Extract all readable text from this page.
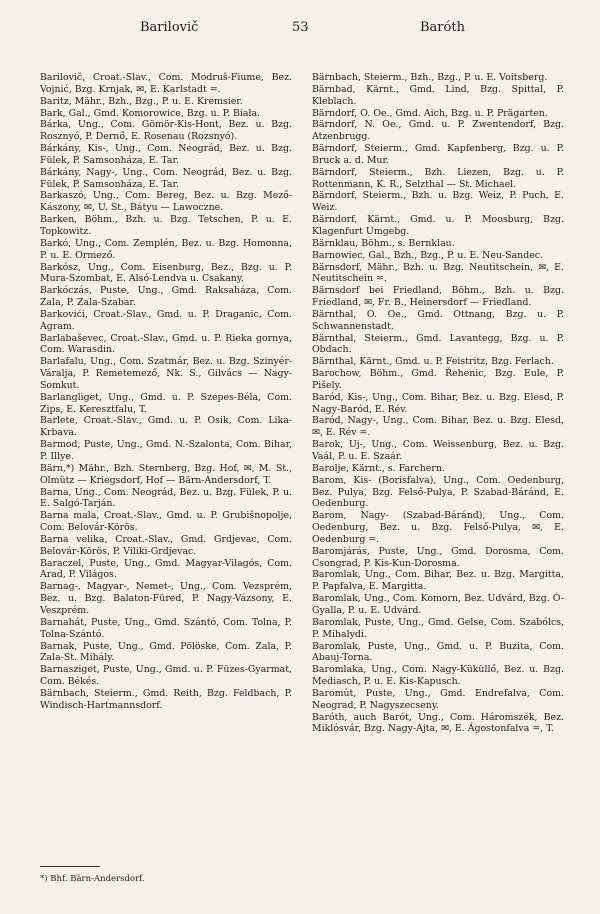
Barilovič	53	Baróth

Barilovič, Croat.-Slav., Com. Modruš-Fiume, Bez. Vojnić, Bzg. Krnjak, ✉, E. Karlstadt =.

Baritz, Mähr., Bzh., Bzg., P. u. E. Kremsier.

Bark, Gal., Gmd. Komorowice, Bzg. u. P. Biała.

Bárka, Ung., Com. Gömör-Kis-Hont, Bez. u. Bzg. Rosznyó, P. Dernő, E. Rosenau (Rozsnyó).

Bárkány, Kis-, Ung., Com. Neográd, Bez. u. Bzg. Fülek, P. Samsonháza, E. Tar.

Bárkány, Nagy-, Ung., Com. Neográd, Bez. u. Bzg. Fülek, P. Samsonháza, E. Tar.

Barkaszó, Ung., Com. Bereg, Bez. u. Bzg. Mező-Kászony, ✉, U. St., Bátyu — Lawoczne.

Barken, Böhm., Bzh. u. Bzg. Tetschen, P. u. E. Topkowitz.

Barkó, Ung., Com. Zemplén, Bez. u. Bzg. Homonna, P. u. E. Ormező.

Barkósz, Ung., Com. Eisenburg, Bez., Bzg. u. P. Mura-Szombat, E. Alsó-Lendva u. Csakany.

Barkóczás, Puste, Ung., Gmd. Raksaháza, Com. Zala, P. Zala-Szabar.

Barkovići, Croat.-Slav., Gmd. u. P. Draganic, Com. Agram.

Barlabaševec, Croat.-Slav., Gmd. u. P. Rieka gornya, Com. Warasdin.

Barlafalu, Ung., Com. Szatmár, Bez. u. Bzg. Szinyér-Váralja, P. Remetemező, Nk. S., Gilvács — Nagy-Somkut.

Barlangliget, Ung., Gmd. u. P. Szepes-Béla, Com. Zips, E. Keresztfalu, T.

Barlete, Croat.-Slav., Gmd. u. P. Osik, Com. Lika-Krbava.

Barmod, Puste, Ung., Gmd. N.-Szalonta, Com. Bihar, P. Illye.

Bärn,*) Mähr., Bzh. Sternberg, Bzg. Hof, ✉, M. St., Olmütz — Kriegsdorf, Hof — Bärn-Andersdorf, T.

Barna, Ung., Com. Neográd, Bez. u. Bzg. Fülek, P. u. E. Salgó-Tarján.

Barna mala, Croat.-Slav., Gmd. u. P. Grubišnopolje, Com. Belovár-Körös.

Barna velika, Croat.-Slav., Gmd. Grdjevac, Com. Belovár-Körös, P. Viliki-Grdjevac.

Baraczel, Puste, Ung., Gmd. Magyar-Vilagós, Com. Arad, P. Világos.

Barnag-, Magyar-, Nemet-, Ung., Com. Vezsprém, Bez. u. Bzg. Balaton-Füred, P. Nagy-Vázsony, E. Veszprém.

Barnahát, Puste, Ung., Gmd. Szántó, Com. Tolna, P. Tolna-Szántó.

Barnak, Puste, Ung., Gmd. Pölöske, Com. Zala, P. Zala-St. Mihály.

Barnasziget, Puste, Ung., Gmd. u. P. Füzes-Gyarmat, Com. Békés.

Bärnbach, Steierm., Gmd. Reith, Bzg. Feldbach, P. Windisch-Hartmannsdorf.

Bärnbach, Steierm., Bzh., Bzg., P. u. E. Voitsberg.

Bärnbad, Kärnt., Gmd. Lind, Bzg. Spittal, P. Kleblach.

Bärndorf, O. Oe., Gmd. Aich, Bzg. u. P. Prägarten.

Bärndorf, N. Oe., Gmd. u. P. Zwentendorf, Bzg. Atzenbrugg.

Bärndorf, Steierm., Gmd. Kapfenberg, Bzg. u. P. Bruck a. d. Mur.

Bärndorf, Steierm., Bzh. Liezen, Bzg. u. P. Rottenmann, K. R., Selzthal — St. Michael.

Bärndorf, Steierm., Bzh. u. Bzg. Weiz, P. Puch, E. Weiz.

Bärndorf, Kärnt., Gmd. u. P. Moosburg, Bzg. Klagenfurt Umgebg.

Bärnklau, Böhm., s. Bernklau.

Barnowiec, Gal., Bzh., Bzg., P. u. E. Neu-Sandec.

Bärnsdorf, Mähr., Bzh. u. Bzg. Neutitschein, ✉, E. Neutitschein =.

Bärnsdorf bei Friedland, Böhm., Bzh. u. Bzg. Friedland, ✉, Fr. B., Heinersdorf — Friedland.

Bärnthal, O. Oe., Gmd. Ottnang, Bzg. u. P. Schwannenstadt.

Bärnthal, Steierm., Gmd. Lavantegg, Bzg. u. P. Obdach.

Bärnthal, Kärnt., Gmd. u. P. Feistritz, Bzg. Ferlach.

Barochow, Böhm., Gmd. Řehenic, Bzg. Eule, P. Pišely.

Baród, Kis-, Ung., Com. Bihar, Bez. u. Bzg. Elesd, P. Nagy-Baród, E. Rév.

Baród, Nagy-, Ung., Com. Bihar, Bez. u. Bzg. Elesd, ✉, E. Rév =.

Barok, Uj-, Ung., Com. Weissenburg, Bez. u. Bzg. Vaál, P. u. E. Szaár.

Barolje, Kärnt., s. Farchern.

Barom, Kis- (Borisfalva), Ung., Com. Oedenburg, Bez. Pulya, Bzg. Felső-Pulya, P. Szabad-Báránd, E. Oedenburg.

Barom, Nagy- (Szabad-Báránd), Ung., Com. Oedenburg, Bez. u. Bzg. Felső-Pulya, ✉, E. Oedenburg =.

Baromjárás, Puste, Ung., Gmd. Dorosma, Com. Csongrad, P. Kis-Kun-Dorosma.

Baromlak, Ung., Com. Bihar, Bez. u. Bzg. Margitta, P. Papfalva, E. Margitta.

Baromlak, Ung., Com. Komorn, Bez. Udvárd, Bzg. Ó-Gyalla, P. u. E. Udvárd.

Baromlak, Puste, Ung., Gmd. Gelse, Com. Szabólcs, P. Mihalydi.

Baromlak, Puste, Ung., Gmd. u. P. Buzita, Com. Abauj-Torna.

Baromlaka, Ung., Com. Nagy-Küküllő, Bez. u. Bzg. Mediasch, P. u. E. Kis-Kapusch.

Baromút, Puste, Ung., Gmd. Endrefalva, Com. Neograd, P. Nagyszecseny.

Baróth, auch Barót, Ung., Com. Háromszék, Bez. Miklósvár, Bzg. Nagy-Ajta, ✉, E. Ágostonfalva =, T.

*) Bhf. Bärn-Andersdorf.
